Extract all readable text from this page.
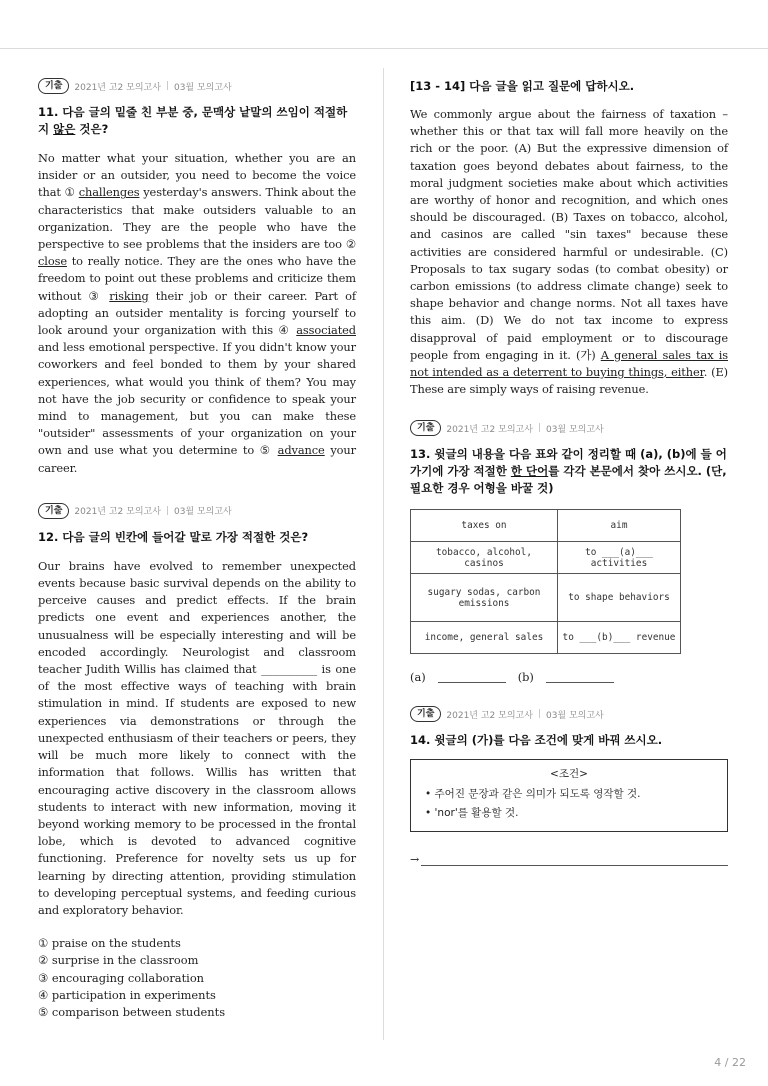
기출	2021년 고2 모의고사 | 03월 모의고사

11. 다음 글의 밑줄 친 부분 중, 문맥상 낱말의 쓰임이 적절하지 않은 것은?

No matter what your situation, whether you are an insider or an outsider, you need to become the voice that ① challenges yesterday's answers. Think about the characteristics that make outsiders valuable to an organization. They are the people who have the perspective to see problems that the insiders are too ② close to really notice. They are the ones who have the freedom to point out these problems and criticize them without ③ risking their job or their career. Part of adopting an outsider mentality is forcing yourself to look around your organization with this ④ associated and less emotional perspective. If you didn't know your coworkers and feel bonded to them by your shared experiences, what would you think of them? You may not have the job security or confidence to speak your mind to management, but you can make these "outsider" assessments of your organization on your own and use what you determine to ⑤ advance your career.

기출	2021년 고2 모의고사 | 03월 모의고사

12. 다음 글의 빈칸에 들어갈 말로 가장 적절한 것은?

Our brains have evolved to remember unexpected events because basic survival depends on the ability to perceive causes and predict effects. If the brain predicts one event and experiences another, the unusualness will be especially interesting and will be encoded accordingly. Neurologist and classroom teacher Judith Willis has claimed that __________ is one of the most effective ways of teaching with brain stimulation in mind. If students are exposed to new experiences via demonstrations or through the unexpected enthusiasm of their teachers or peers, they will be much more likely to connect with the information that follows. Willis has written that encouraging active discovery in the classroom allows students to interact with new information, moving it beyond working memory to be processed in the frontal lobe, which is devoted to advanced cognitive functioning. Preference for novelty sets us up for learning by directing attention, providing stimulation to developing perceptual systems, and feeding curious and exploratory behavior.

① praise on the students
② surprise in the classroom
③ encouraging collaboration
④ participation in experiments
⑤ comparison between students

[13 - 14] 다음 글을 읽고 질문에 답하시오.

We commonly argue about the fairness of taxation – whether this or that tax will fall more heavily on the rich or the poor. (A) But the expressive dimension of taxation goes beyond debates about fairness, to the moral judgment societies make about which activities are worthy of honor and recognition, and which ones should be discouraged. (B) Taxes on tobacco, alcohol, and casinos are called "sin taxes" because these activities are considered harmful or undesirable. (C) Proposals to tax sugary sodas (to combat obesity) or carbon emissions (to address climate change) seek to shape behavior and change norms. Not all taxes have this aim. (D) We do not tax income to express disapproval of paid employment or to discourage people from engaging in it. (가) A general sales tax is not intended as a deterrent to buying things, either. (E) These are simply ways of raising revenue.

기출	2021년 고2 모의고사 | 03월 모의고사

13. 윗글의 내용을 다음 표와 같이 정리할 때 (a), (b)에 들 어가기에 가장 적절한 한 단어를 각각 본문에서 찾아 쓰시오. (단, 필요한 경우 어형을 바꿀 것)

taxes on	aim
tobacco, alcohol, casinos	to ___(a)___ activities
sugary sodas, carbon emissions	to shape behaviors
income, general sales	to ___(b)___ revenue
(a)	(b)
기출	2021년 고2 모의고사 | 03월 모의고사

14. 윗글의 (가)를 다음 조건에 맞게 바꿔 쓰시오.

<조건>
• 주어진 문장과 같은 의미가 되도록 영작할 것.
• 'nor'를 활용할 것.
→
4 / 22
